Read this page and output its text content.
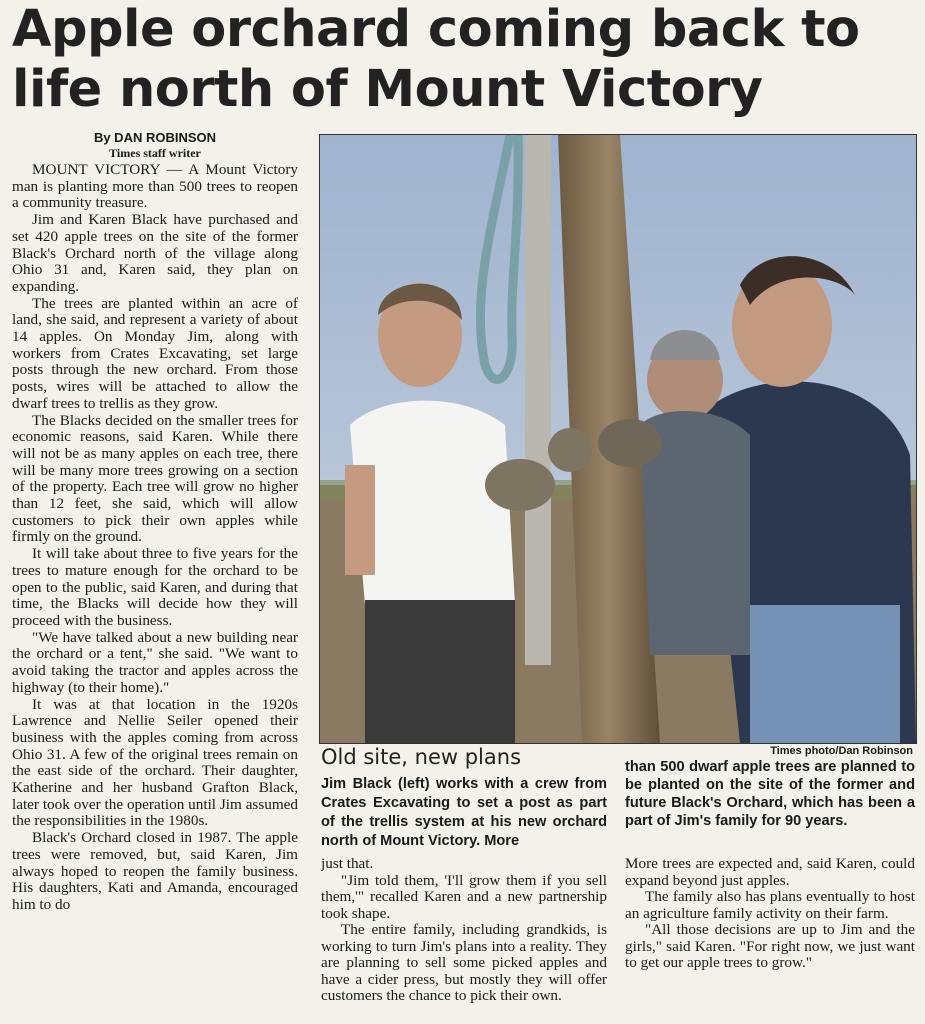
Apple orchard coming back to life north of Mount Victory
By DAN ROBINSON
Times staff writer

MOUNT VICTORY — A Mount Victory man is planting more than 500 trees to reopen a community treasure.

Jim and Karen Black have purchased and set 420 apple trees on the site of the former Black's Orchard north of the village along Ohio 31 and, Karen said, they plan on expanding.

The trees are planted within an acre of land, she said, and represent a variety of about 14 apples. On Monday Jim, along with workers from Crates Excavating, set large posts through the new orchard. From those posts, wires will be attached to allow the dwarf trees to trellis as they grow.

The Blacks decided on the smaller trees for economic reasons, said Karen. While there will not be as many apples on each tree, there will be many more trees growing on a section of the property. Each tree will grow no higher than 12 feet, she said, which will allow customers to pick their own apples while firmly on the ground.

It will take about three to five years for the trees to mature enough for the orchard to be open to the public, said Karen, and during that time, the Blacks will decide how they will proceed with the business.

"We have talked about a new building near the orchard or a tent," she said. "We want to avoid taking the tractor and apples across the highway (to their home)."

It was at that location in the 1920s Lawrence and Nellie Seiler opened their business with the apples coming from across Ohio 31. A few of the original trees remain on the east side of the orchard. Their daughter, Katherine and her husband Grafton Black, later took over the operation until Jim assumed the responsibilities in the 1980s.

Black's Orchard closed in 1987. The apple trees were removed, but, said Karen, Jim always hoped to reopen the family business. His daughters, Kati and Amanda, encouraged him to do

Times photo/Dan Robinson
Old site, new plans
Jim Black (left) works with a crew from Crates Excavating to set a post as part of the trellis system at his new orchard north of Mount Victory. More
than 500 dwarf apple trees are planned to be planted on the site of the former and future Black's Orchard, which has been a part of Jim's family for 90 years.

just that.

"Jim told them, 'I'll grow them if you sell them,'" recalled Karen and a new partnership took shape.

The entire family, including grandkids, is working to turn Jim's plans into a reality. They are planning to sell some picked apples and have a cider press, but mostly they will offer customers the chance to pick their own.

More trees are expected and, said Karen, could expand beyond just apples.

The family also has plans eventually to host an agriculture family activity on their farm.

"All those decisions are up to Jim and the girls," said Karen. "For right now, we just want to get our apple trees to grow."
